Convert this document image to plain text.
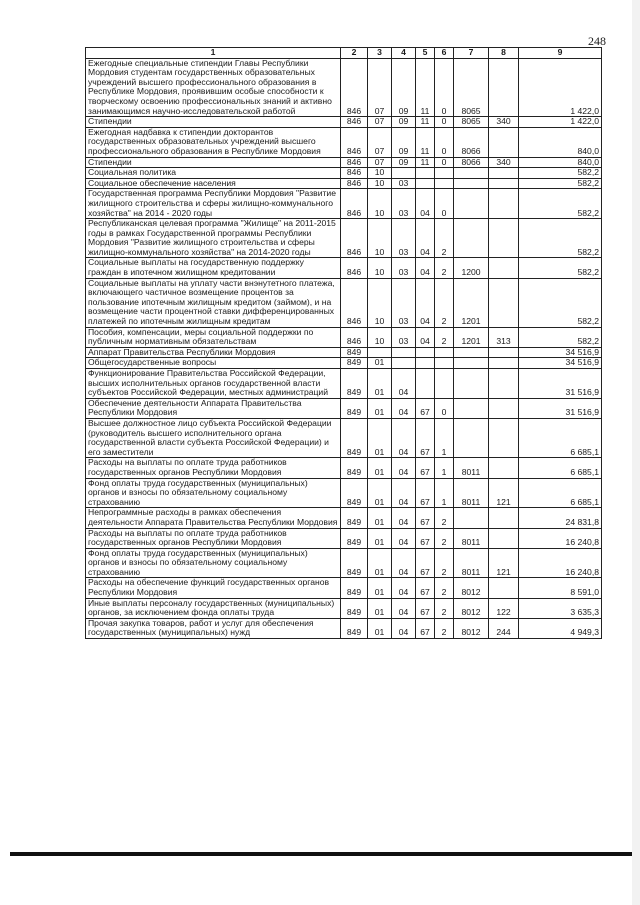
248
1	2	3	4	5	6	7	8	9
Ежегодные специальные стипендии Главы Республики Мордовия студентам государственных образовательных учреждений высшего профессионального образования в Республике Мордовия, проявившим особые способности к творческому освоению профессиональных знаний и активно занимающимся научно-исследовательской работой	846	07	09	11	0	8065		1 422,0
Стипендии	846	07	09	11	0	8065	340	1 422,0
Ежегодная надбавка к стипендии докторантов государственных образовательных учреждений высшего профессионального образования в Республике Мордовия	846	07	09	11	0	8066		840,0
Стипендии	846	07	09	11	0	8066	340	840,0
Социальная политика	846	10						582,2
Социальное обеспечение населения	846	10	03					582,2
Государственная программа Республики Мордовия "Развитие жилищного строительства и сферы жилищно-коммунального хозяйства" на 2014 - 2020 годы	846	10	03	04	0			582,2
Республиканская целевая программа "Жилище" на 2011-2015 годы в рамках Государственной программы Республики Мордовия "Развитие жилищного строительства и сферы жилищно-коммунального хозяйства" на 2014-2020 годы	846	10	03	04	2			582,2
Социальные выплаты на государственную поддержку граждан в ипотечном жилищном кредитовании	846	10	03	04	2	1200		582,2
Социальные выплаты на уплату части внэнутетного платежа, включающего частичное возмещение процентов за пользование ипотечным жилищным кредитом (займом), и на возмещение части процентной ставки дифференцированных платежей по ипотечным жилищным кредитам	846	10	03	04	2	1201		582,2
Пособия, компенсации, меры социальной поддержки по публичным нормативным обязательствам	846	10	03	04	2	1201	313	582,2
Аппарат Правительства Республики Мордовия	849							34 516,9
Общегосударственные вопросы	849	01						34 516,9
Функционирование Правительства Российской Федерации, высших исполнительных органов государственной власти субъектов Российской Федерации, местных администраций	849	01	04					31 516,9
Обеспечение деятельности Аппарата Правительства Республики Мордовия	849	01	04	67	0			31 516,9
Высшее должностное лицо субъекта Российской Федерации (руководитель высшего исполнительного органа государственной власти субъекта Российской Федерации) и его заместители	849	01	04	67	1			6 685,1
Расходы на выплаты по оплате труда работников государственных органов Республики Мордовия	849	01	04	67	1	8011		6 685,1
Фонд оплаты труда государственных (муниципальных) органов и взносы по обязательному социальному страхованию	849	01	04	67	1	8011	121	6 685,1
Непрограммные расходы в рамках обеспечения деятельности Аппарата Правительства Республики Мордовия	849	01	04	67	2			24 831,8
Расходы на выплаты по оплате труда работников государственных органов Республики Мордовия	849	01	04	67	2	8011		16 240,8
Фонд оплаты труда государственных (муниципальных) органов и взносы по обязательному социальному страхованию	849	01	04	67	2	8011	121	16 240,8
Расходы на обеспечение функций государственных органов Республики Мордовия	849	01	04	67	2	8012		8 591,0
Иные выплаты персоналу государственных (муниципальных) органов, за исключением фонда оплаты труда	849	01	04	67	2	8012	122	3 635,3
Прочая закупка товаров, работ и услуг для обеспечения государственных (муниципальных) нужд	849	01	04	67	2	8012	244	4 949,3
